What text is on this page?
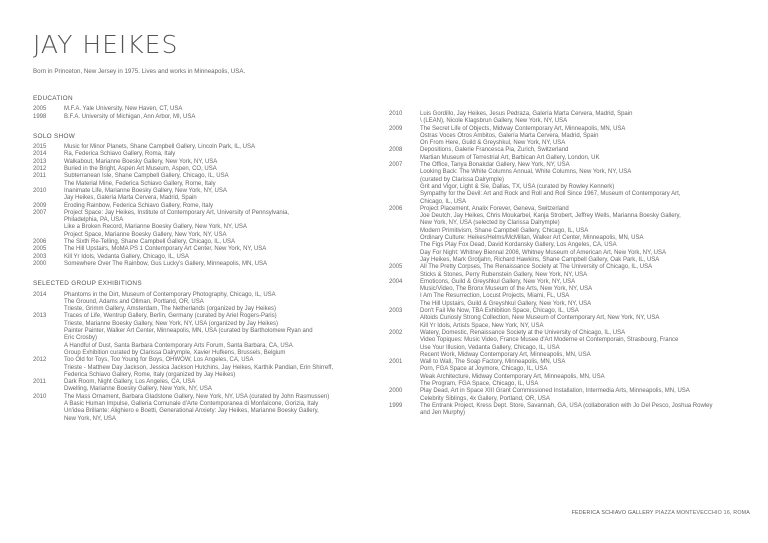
JAY HEIKES
Born in Princeton, New Jersey in 1975. Lives and works in Minneapolis, USA.
EDUCATION
2005	M.F.A. Yale University, New Haven, CT, USA
1998	B.F.A. University of Michigan, Ann Arbor, MI, USA
SOLO SHOW
2015	Music for Minor Planets, Shane Campbell Gallery, Lincoln Park, IL, USA
2014	Ra, Federica Schiavo Gallery, Roma, Italy
2013	Walkabout, Marianne Boesky Gallery, New York, NY, USA
2012	Buried in the Bright, Aspen Art Museum, Aspen, CO, USA
2011	Subterranean Isle, Shane Campbell Gallery, Chicago, IL, USA
The Material Mine, Federica Schiavo Gallery, Rome, Italy
2010	Inanimate Life, Marianne Boesky Gallery, New York, NY, USA
Jay Heikes, Galería Marta Cervera, Madrid, Spain
2009	Eroding Rainbow, Federica Schiavo Gallery, Rome, Italy
2007	Project Space: Jay Heikes, Institute of Contemporary Art, University of Pennsylvania,
Philadelphia, PA, USA
Like a Broken Record, Marianne Boesky Gallery, New York, NY, USA
Project Space, Marianne Boesky Gallery, New York, NY, USA
2006	The Sixth Re-Telling, Shane Campbell Gallery, Chicago, IL, USA
2005	The Hill Upstairs, MoMA PS 1 Contemporary Art Center, New York, NY, USA
2003	Kill Yr Idols, Vedanta Gallery, Chicago, IL, USA
2000	Somewhere Over The Rainbow, Gus Lucky's Gallery, Minneapolis, MN, USA
SELECTED GROUP EXHIBITIONS
2014	Phantoms in the Dirt, Museum of Contemporary Photography, Chicago, IL, USA
The Ground, Adams and Ollman, Portland, OR, USA
Trieste, Grimm Gallery, Amsterdam, The Netherlands (organized by Jay Heikes)
2013	Traces of Life, Wentrup Gallery, Berlin, Germany (curated by Ariel Rogers-Paris)
Trieste, Marianne Boesky Gallery, New York, NY, USA (organized by Jay Heikes)
Painter Painter, Walker Art Center, Minneapolis, MN, USA (curated by Bartholomew Ryan and
Eric Crosby)
A Handful of Dust, Santa Barbara Contemporary Arts Forum, Santa Barbara, CA, USA
Group Exhibition curated by Clarissa Dalrymple, Xavier Hufkens, Brussels, Belgium
2012	Too Old for Toys, Too Young for Boys, OHWOW, Los Angeles, CA, USA
Trieste - Matthew Day Jackson, Jessica Jackson Hutchins, Jay Heikes, Karthik Pandian, Erin Shirreff,
Federica Schiavo Gallery, Rome, Italy (organized by Jay Heikes)
2011	Dark Room, Night Gallery, Los Angeles, CA, USA
Dwelling, Marianne Boesky Gallery, New York, NY, USA
2010	The Mass Ornament, Barbara Gladstone Gallery, New York, NY, USA (curated by John Rasmussen)
A Basic Human Impulse, Galleria Comunale d'Arte Contemporanea di Monfalcone, Gorizia, Italy
Un'idea Brillante: Alighiero e Boetti, Generational Anxiety: Jay Heikes, Marianne Boesky Gallery,
New York, NY, USA
2010	Luis Gordillo, Jay Heikes, Jesus Pedraza, Galería Marta Cervera, Madrid, Spain
\ (LEAN), Nicole Klagsbrun Gallery, New York, NY, USA
2009	The Secret Life of Objects, Midway Contemporary Art, Minneapolis, MN, USA
Ostras Voces Otros Ambitos, Galería Marta Cervera, Madrid, Spain
On From Here, Guild & Greyshkul, New York, NY, USA
2008	Depositions, Galerie Francesca Pia, Zurich, Switzerland
Martian Museum of Terrestrial Art, Barbican Art Gallery, London, UK
2007	The Office, Tanya Bonakdar Gallery, New York, NY, USA
Looking Back: The White Columns Annual, White Columns, New York, NY, USA
(curated by Clarissa Dalrymple)
Grit and Vigor, Light & Sie, Dallas, TX, USA (curated by Rowley Kennerk)
Sympathy for the Devil: Art and Rock and Roll and Roll Since 1967, Museum of Contemporary Art,
Chicago, IL, USA
2006	Project Placement, Analix Forever, Geneva, Switzerland
Joe Deutch, Jay Heikes, Chris Moukarbel, Kanja Strobert, Jeffrey Wells, Marianna Boesky Gallery,
New York, NY, USA (selected by Clarissa Dalrymple)
Modern Primitivism, Shane Campbell Gallery, Chicago, IL, USA
Ordinary Culture: Heikes/Helms/McMillan, Walker Art Center, Minneapolis, MN, USA
The Figs Play Fox Dead, David Kordansky Gallery, Los Angeles, CA, USA
Day For Night: Whitney Biennal 2006, Whitney Museum of American Art, New York, NY, USA
Jay Heikes, Mark Grotjahn, Richard Hawkins, Shane Campbell Gallery, Oak Park, IL, USA
2005	All The Pretty Corpses, The Renaissance Society at The University of Chicago, IL, USA
Sticks & Stones, Perry Rubenstein Gallery, New York, NY, USA
2004	Emoticons, Guild & Greyshkul Gallery, New York, NY, USA
Music/Video, The Bronx Museum of the Arts, New York, NY, USA
I Am The Resurrection, Locust Projects, Miami, FL, USA
The Hill Upstairs, Guild & Greyshkul Gallery, New York, NY, USA
2003	Don't Fail Me Now, TBA Exhibition Space, Chicago, IL, USA
Altoids Curiosly Strong Collection, New Museum of Contemporary Art, New York, NY, USA
Kill Yr Idols, Artists Space, New York, NY, USA
2002	Watery, Domestic, Renaissance Society at the University of Chicago, IL, USA
Video Topiques: Music Video, France Musee d'Art Moderne et Contemporain, Strasbourg, France
Use Your Illusion, Vedanta Gallery, Chicago, IL, USA
Recent Work, Midway Contemporary Art, Minneapolis, MN, USA
2001	Wall to Wall, The Soap Factory, Minneapolis, MN, USA
Porn, FGA Space at Joymore, Chicago, IL, USA
Weak Architecture, Midway Contemporary Art, Minneapolis, MN, USA
The Program, FGA Space, Chicago, IL, USA
2000	Play Dead, Art in Space XIII Grant Commissioned Installation, Intermedia Arts, Minneapolis, MN, USA
Celebrity Siblings, 4x Gallery, Portland, OR, USA
1999	The Entrank Project, Kress Dept. Store, Savannah, GA, USA (collaboration with Jo Del Pesco, Joshua Rowley
and Jen Murphy)
FEDERICA SCHIAVO GALLERY PIAZZA MONTEVECCHIO 16, ROMA
